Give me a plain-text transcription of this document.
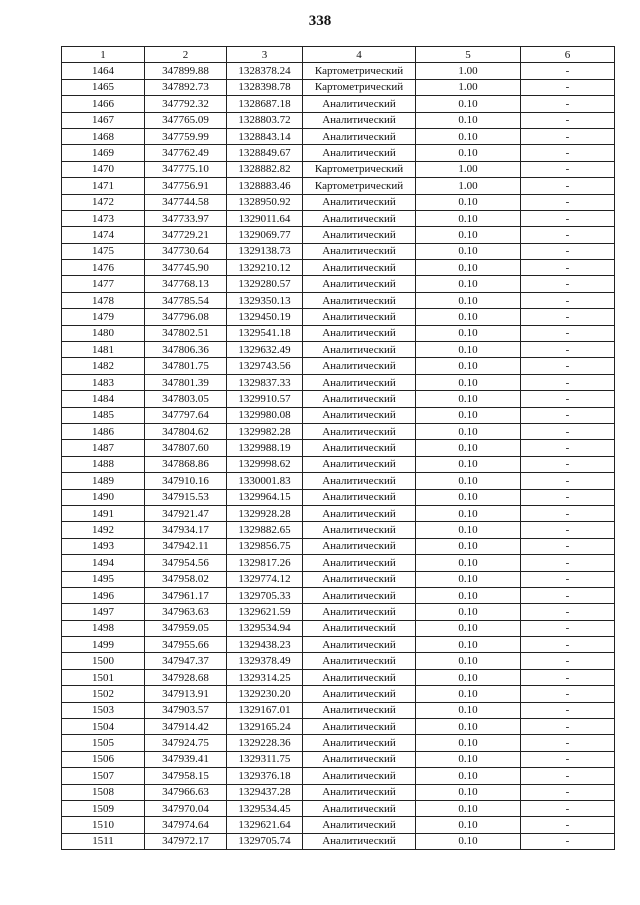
338
1	2	3	4	5	6
1464	347899.88	1328378.24	Картометрический	1.00	-
1465	347892.73	1328398.78	Картометрический	1.00	-
1466	347792.32	1328687.18	Аналитический	0.10	-
1467	347765.09	1328803.72	Аналитический	0.10	-
1468	347759.99	1328843.14	Аналитический	0.10	-
1469	347762.49	1328849.67	Аналитический	0.10	-
1470	347775.10	1328882.82	Картометрический	1.00	-
1471	347756.91	1328883.46	Картометрический	1.00	-
1472	347744.58	1328950.92	Аналитический	0.10	-
1473	347733.97	1329011.64	Аналитический	0.10	-
1474	347729.21	1329069.77	Аналитический	0.10	-
1475	347730.64	1329138.73	Аналитический	0.10	-
1476	347745.90	1329210.12	Аналитический	0.10	-
1477	347768.13	1329280.57	Аналитический	0.10	-
1478	347785.54	1329350.13	Аналитический	0.10	-
1479	347796.08	1329450.19	Аналитический	0.10	-
1480	347802.51	1329541.18	Аналитический	0.10	-
1481	347806.36	1329632.49	Аналитический	0.10	-
1482	347801.75	1329743.56	Аналитический	0.10	-
1483	347801.39	1329837.33	Аналитический	0.10	-
1484	347803.05	1329910.57	Аналитический	0.10	-
1485	347797.64	1329980.08	Аналитический	0.10	-
1486	347804.62	1329982.28	Аналитический	0.10	-
1487	347807.60	1329988.19	Аналитический	0.10	-
1488	347868.86	1329998.62	Аналитический	0.10	-
1489	347910.16	1330001.83	Аналитический	0.10	-
1490	347915.53	1329964.15	Аналитический	0.10	-
1491	347921.47	1329928.28	Аналитический	0.10	-
1492	347934.17	1329882.65	Аналитический	0.10	-
1493	347942.11	1329856.75	Аналитический	0.10	-
1494	347954.56	1329817.26	Аналитический	0.10	-
1495	347958.02	1329774.12	Аналитический	0.10	-
1496	347961.17	1329705.33	Аналитический	0.10	-
1497	347963.63	1329621.59	Аналитический	0.10	-
1498	347959.05	1329534.94	Аналитический	0.10	-
1499	347955.66	1329438.23	Аналитический	0.10	-
1500	347947.37	1329378.49	Аналитический	0.10	-
1501	347928.68	1329314.25	Аналитический	0.10	-
1502	347913.91	1329230.20	Аналитический	0.10	-
1503	347903.57	1329167.01	Аналитический	0.10	-
1504	347914.42	1329165.24	Аналитический	0.10	-
1505	347924.75	1329228.36	Аналитический	0.10	-
1506	347939.41	1329311.75	Аналитический	0.10	-
1507	347958.15	1329376.18	Аналитический	0.10	-
1508	347966.63	1329437.28	Аналитический	0.10	-
1509	347970.04	1329534.45	Аналитический	0.10	-
1510	347974.64	1329621.64	Аналитический	0.10	-
1511	347972.17	1329705.74	Аналитический	0.10	-
